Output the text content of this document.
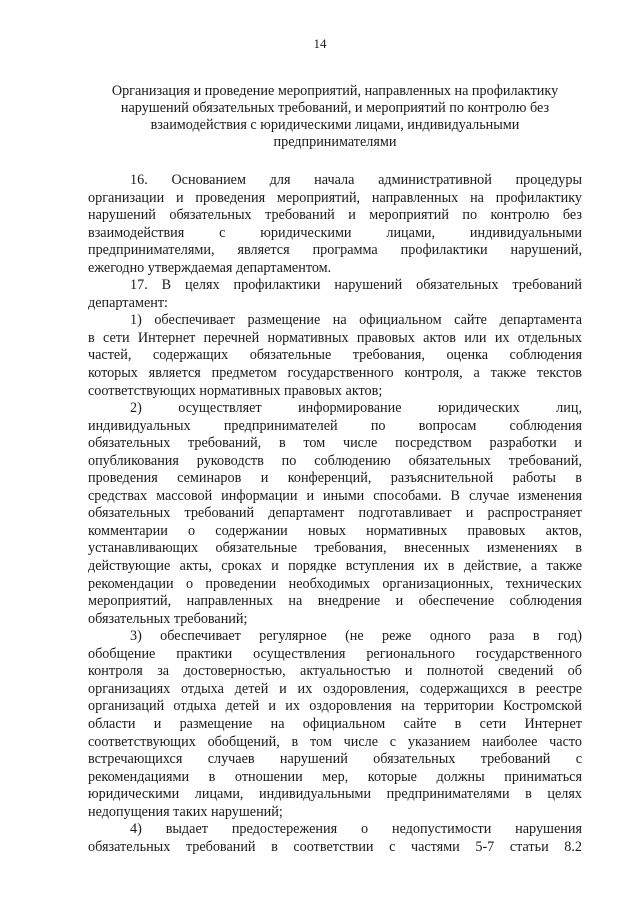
14
Организация и проведение мероприятий, направленных на профилактику
нарушений обязательных требований, и мероприятий по контролю без
взаимодействия с юридическими лицами, индивидуальными
предпринимателями
16. Основанием для начала административной процедуры
организации и проведения мероприятий, направленных на профилактику
нарушений обязательных требований и мероприятий по контролю без
взаимодействия с юридическими лицами, индивидуальными
предпринимателями, является программа профилактики нарушений,
ежегодно утверждаемая департаментом.
17. В целях профилактики нарушений обязательных требований
департамент:
1) обеспечивает размещение на официальном сайте департамента
в сети Интернет перечней нормативных правовых актов или их отдельных
частей, содержащих обязательные требования, оценка соблюдения
которых является предметом государственного контроля, а также текстов
соответствующих нормативных правовых актов;
2) осуществляет информирование юридических лиц,
индивидуальных предпринимателей по вопросам соблюдения
обязательных требований, в том числе посредством разработки и
опубликования руководств по соблюдению обязательных требований,
проведения семинаров и конференций, разъяснительной работы в
средствах массовой информации и иными способами. В случае изменения
обязательных требований департамент подготавливает и распространяет
комментарии о содержании новых нормативных правовых актов,
устанавливающих обязательные требования, внесенных изменениях в
действующие акты, сроках и порядке вступления их в действие, а также
рекомендации о проведении необходимых организационных, технических
мероприятий, направленных на внедрение и обеспечение соблюдения
обязательных требований;
3) обеспечивает регулярное (не реже одного раза в год)
обобщение практики осуществления регионального государственного
контроля за достоверностью, актуальностью и полнотой сведений об
организациях отдыха детей и их оздоровления, содержащихся в реестре
организаций отдыха детей и их оздоровления на территории Костромской
области и размещение на официальном сайте в сети Интернет
соответствующих обобщений, в том числе с указанием наиболее часто
встречающихся случаев нарушений обязательных требований с
рекомендациями в отношении мер, которые должны приниматься
юридическими лицами, индивидуальными предпринимателями в целях
недопущения таких нарушений;
4) выдает предостережения о недопустимости нарушения
обязательных требований в соответствии с частями 5-7 статьи 8.2
